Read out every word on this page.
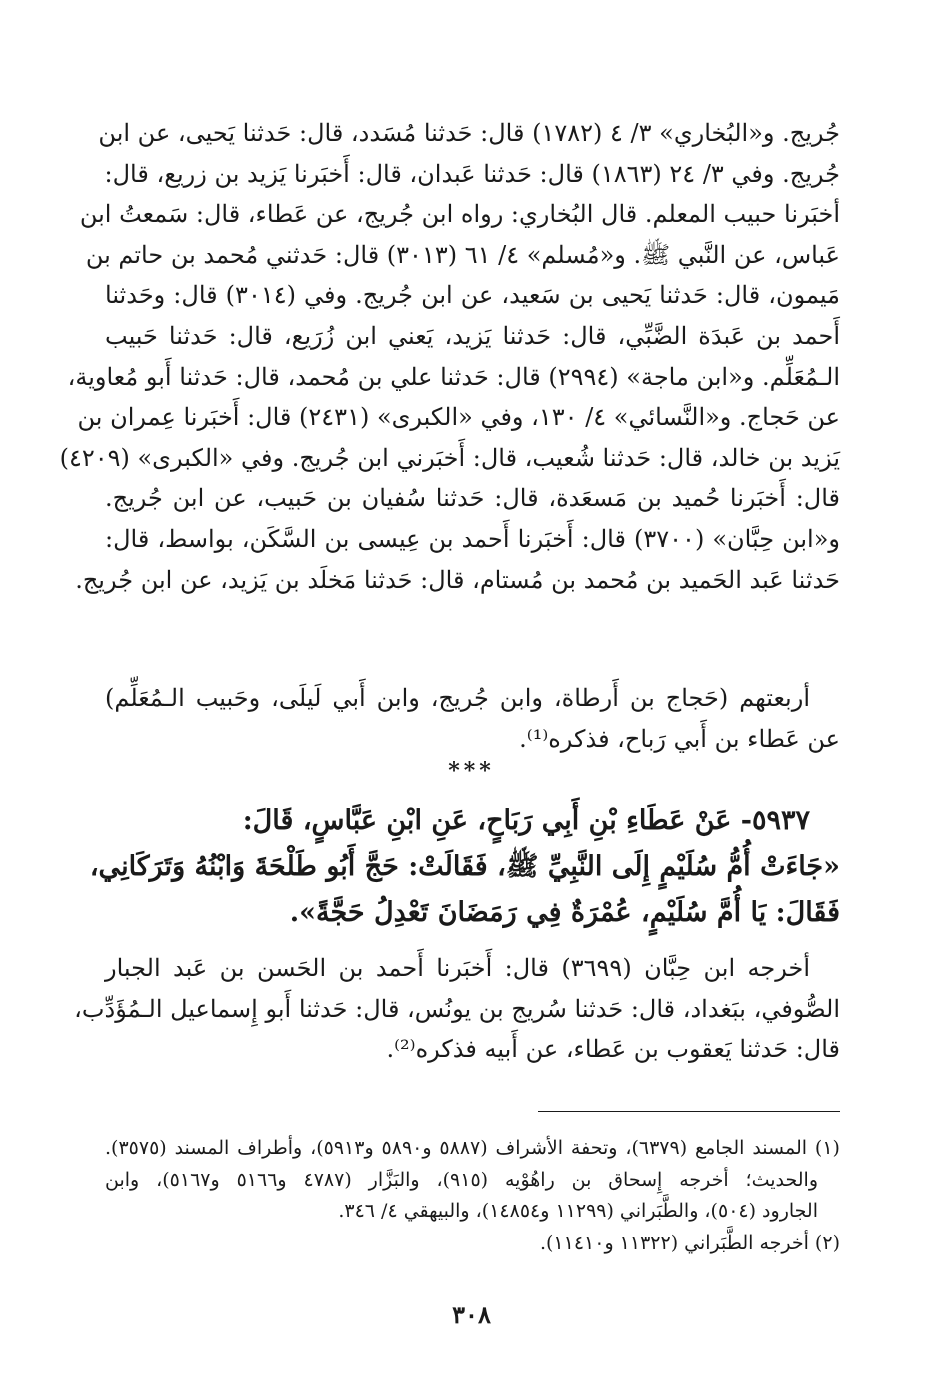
جُريج. و«البُخاري» ٣/ ٤ (١٧٨٢) قال: حَدثنا مُسَدد، قال: حَدثنا يَحيى، عن ابن
جُريج. وفي ٣/ ٢٤ (١٨٦٣) قال: حَدثنا عَبدان، قال: أَخبَرنا يَزيد بن زريع، قال:
أخبَرنا حبيب المعلم. قال البُخاري: رواه ابن جُريج، عن عَطاء، قال: سَمعتُ ابن
عَباس، عن النَّبي ﷺ. و«مُسلم» ٤/ ٦١ (٣٠١٣) قال: حَدثني مُحمد بن حاتم بن
مَيمون، قال: حَدثنا يَحيى بن سَعيد، عن ابن جُريج. وفي (٣٠١٤) قال: وحَدثنا
أَحمد بن عَبدَة الضَّبِّي، قال: حَدثنا يَزيد، يَعني ابن زُرَيع، قال: حَدثنا حَبيب
الـمُعَلِّم. و«ابن ماجة» (٢٩٩٤) قال: حَدثنا علي بن مُحمد، قال: حَدثنا أَبو مُعاوية،
عن حَجاج. و«النَّسائي» ٤/ ١٣٠، وفي «الكبرى» (٢٤٣١) قال: أَخبَرنا عِمران بن
يَزيد بن خالد، قال: حَدثنا شُعيب، قال: أَخبَرني ابن جُريج. وفي «الكبرى» (٤٢٠٩)
قال: أَخبَرنا حُميد بن مَسعَدة، قال: حَدثنا سُفيان بن حَبيب، عن ابن جُريج.
و«ابن حِبَّان» (٣٧٠٠) قال: أَخبَرنا أَحمد بن عِيسى بن السَّكَن، بواسط، قال:
حَدثنا عَبد الحَميد بن مُحمد بن مُستام، قال: حَدثنا مَخلَد بن يَزيد، عن ابن جُريج.
أربعتهم (حَجاج بن أَرطاة، وابن جُريج، وابن أَبي لَيلَى، وحَبيب الـمُعَلِّم)
عن عَطاء بن أَبي رَباح، فذكره⁽¹⁾.
***
٥٩٣٧- عَنْ عَطَاءِ بْنِ أَبِي رَبَاحٍ، عَنِ ابْنِ عَبَّاسٍ، قَالَ:
«جَاءَتْ أُمُّ سُلَيْمٍ إِلَى النَّبِيِّ ﷺ، فَقَالَتْ: حَجَّ أَبُو طَلْحَةَ وَابْنُهُ وَتَرَكَانِي،
فَقَالَ: يَا أُمَّ سُلَيْمٍ، عُمْرَةٌ فِي رَمَضَانَ تَعْدِلُ حَجَّةً».
أخرجه ابن حِبَّان (٣٦٩٩) قال: أَخبَرنا أَحمد بن الحَسن بن عَبد الجبار
الصُّوفي، ببَغداد، قال: حَدثنا سُريج بن يونُس، قال: حَدثنا أَبو إِسماعيل الـمُؤَدِّب،
قال: حَدثنا يَعقوب بن عَطاء، عن أَبيه فذكره⁽²⁾.
(١) المسند الجامع (٦٣٧٩)، وتحفة الأشراف (٥٨٨٧ و٥٨٩٠ و٥٩١٣)، وأطراف المسند (٣٥٧٥).
والحديث؛ أخرجه إِسحاق بن راهُوْيه (٩١٥)، والبَزَّار (٤٧٨٧ و٥١٦٦ و٥١٦٧)، وابن
الجارود (٥٠٤)، والطَّبَراني (١١٢٩٩ و١٤٨٥٤)، والبيهقي ٤/ ٣٤٦.
(٢) أخرجه الطَّبَراني (١١٣٢٢ و١١٤١٠).
٣٠٨
